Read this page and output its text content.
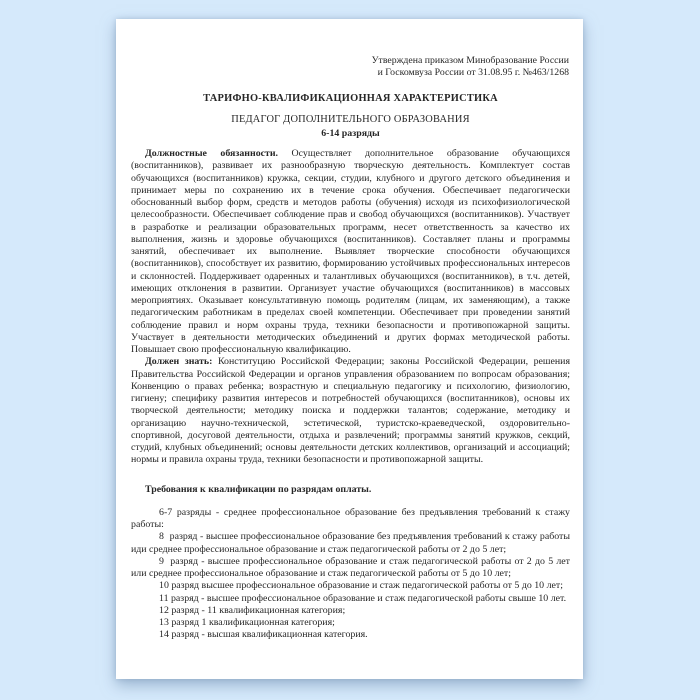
Утверждена приказом Минобразование России
и Госкомвуза России от 31.08.95 г. №463/1268
ТАРИФНО-КВАЛИФИКАЦИОННАЯ ХАРАКТЕРИСТИКА
ПЕДАГОГ ДОПОЛНИТЕЛЬНОГО ОБРАЗОВАНИЯ
6-14 разряды

Должностные обязанности. Осуществляет дополнительное образование обучающихся (воспитанников), развивает их разнообразную творческую деятельность. Комплектует состав обучающихся (воспитанников) кружка, секции, студии, клубного и другого детского объединения и принимает меры по сохранению их в течение срока обучения. Обеспечивает педагогически обоснованный выбор форм, средств и методов работы (обучения) исходя из психофизиологической целесообразности. Обеспечивает соблюдение прав и свобод обучающихся (воспитанников). Участвует в разработке и реализации образовательных программ, несет ответственность за качество их выполнения, жизнь и здоровье обучающихся (воспитанников). Составляет планы и программы занятий, обеспечивает их выполнение. Выявляет творческие способности обучающихся (воспитанников), способствует их развитию, формированию устойчивых профессиональных интересов и склонностей. Поддерживает одаренных и талантливых обучающихся (воспитанников), в т.ч. детей, имеющих отклонения в развитии. Организует участие обучающихся (воспитанников) в массовых мероприятиях. Оказывает консультативную помощь родителям (лицам, их заменяющим), а также педагогическим работникам в пределах своей компетенции. Обеспечивает при проведении занятий соблюдение правил и норм охраны труда, техники безопасности и противопожарной защиты. Участвует в деятельности методических объединений и других формах методической работы. Повышает свою профессиональную квалификацию.

Должен знать: Конституцию Российской Федерации; законы Российской Федерации, решения Правительства Российской Федерации и органов управления образованием по вопросам образования; Конвенцию о правах ребенка; возрастную и специальную педагогику и психологию, физиологию, гигиену; специфику развития интересов и потребностей обучающихся (воспитанников), основы их творческой деятельности; методику поиска и поддержки талантов; содержание, методику и организацию научно-технической, эстетической, туристско-краеведческой, оздоровительно-спортивной, досуговой деятельности, отдыха и развлечений; программы занятий кружков, секций, студий, клубных объединений; основы деятельности детских коллективов, организаций и ассоциаций; нормы и правила охраны труда, техники безопасности и противопожарной защиты.

Требования к квалификации по разрядам оплаты.

6-7 разряды - среднее профессиональное образование без предъявления требований к стажу работы:

8 разряд - высшее профессиональное образование без предъявления требований к стажу работы иди среднее профессиональное образование и стаж педагогической работы от 2 до 5 лет;

9 разряд - высшее профессиональное образование и стаж педагогической работы от 2 до 5 лет или среднее профессиональное образование и стаж педагогической работы от 5 до 10 лет;

10 разряд высшее профессиональное образование и стаж педагогической работы от 5 до 10 лет;

11 разряд - высшее профессиональное образование и стаж педагогической работы свыше 10 лет.

12 разряд - 11 квалификационная категория;

13 разряд 1 квалификационная категория;

14 разряд - высшая квалификационная категория.
